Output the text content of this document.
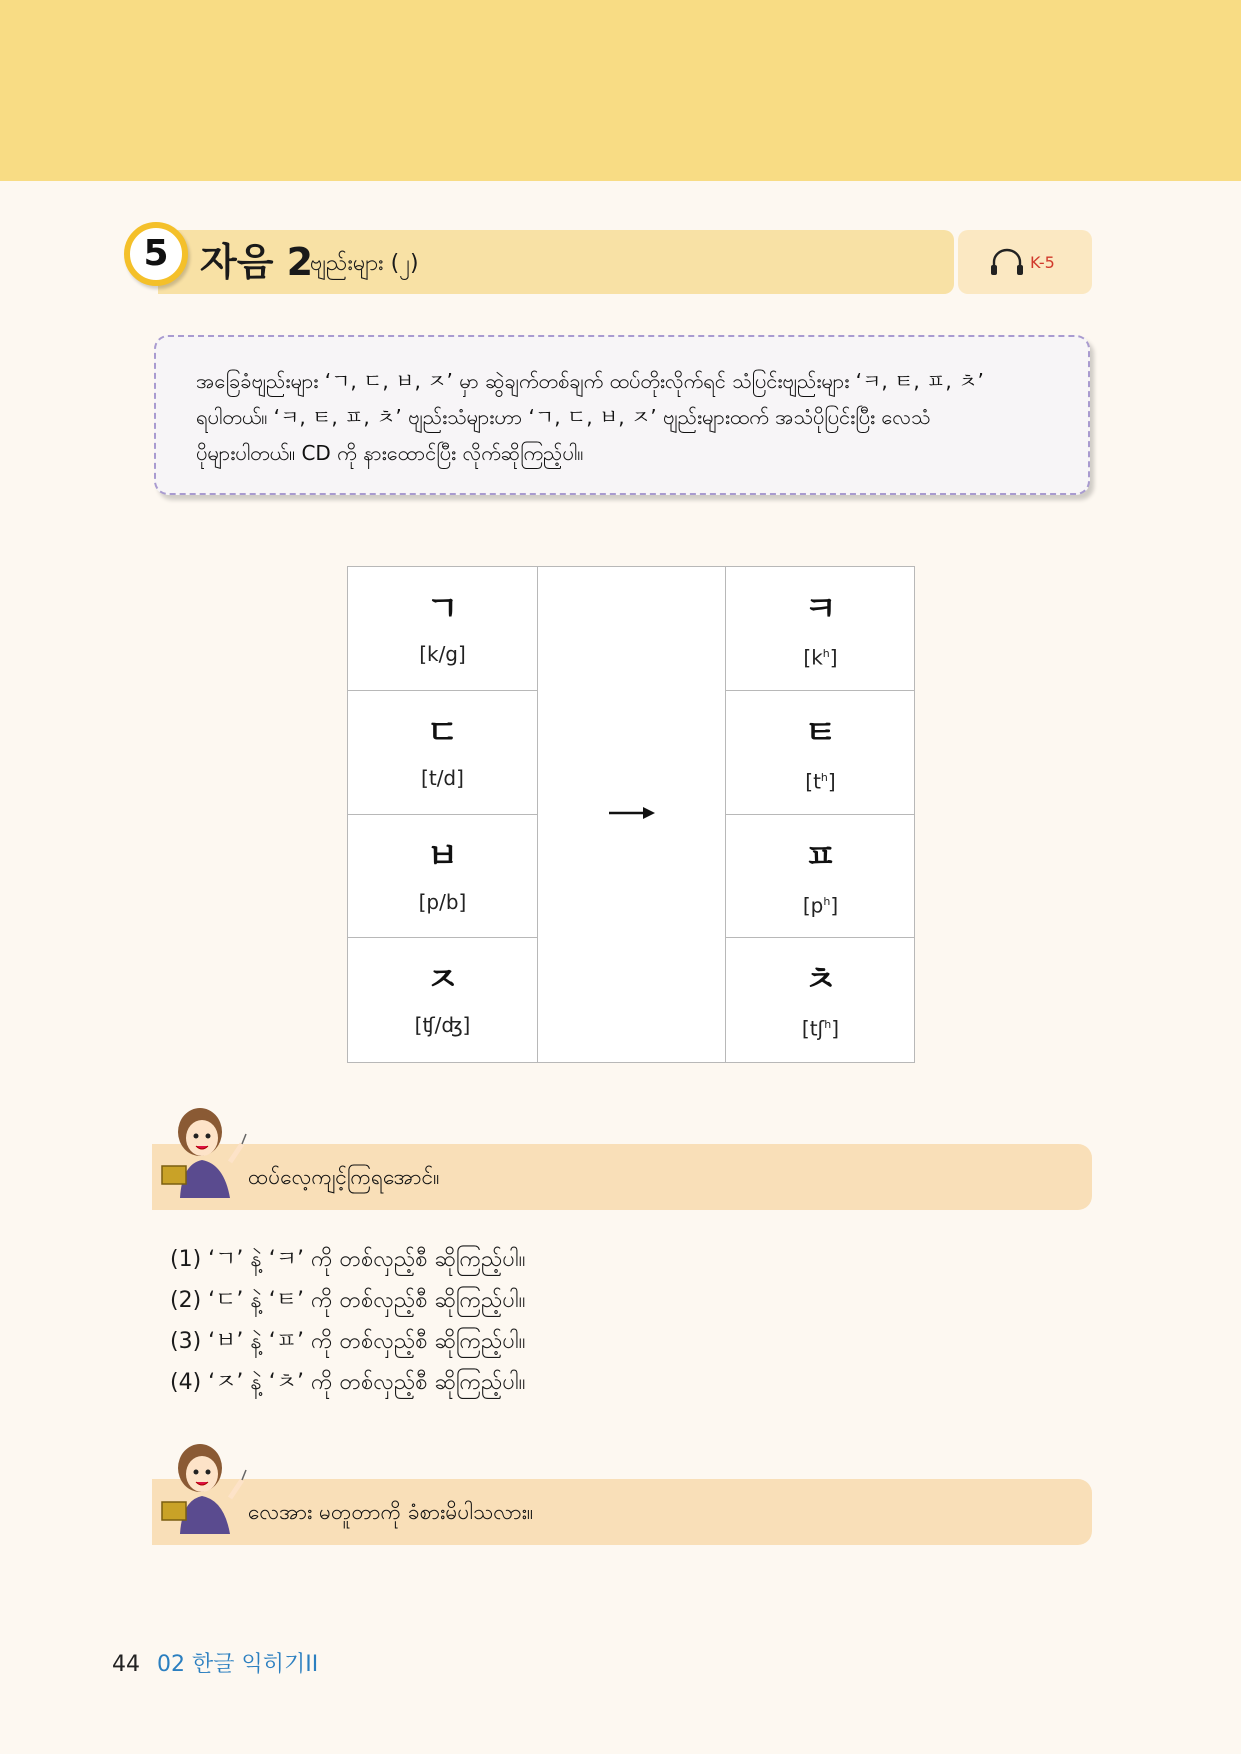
5 자음 2
ဗျည်းများ (၂)	K-5

အခြေခံဗျည်းများ ‘ㄱ, ㄷ, ㅂ, ㅈ’ မှာ ဆွဲချက်တစ်ချက် ထပ်တိုးလိုက်ရင် သံပြင်းဗျည်းများ ‘ㅋ, ㅌ, ㅍ, ㅊ’

ရပါတယ်။ ‘ㅋ, ㅌ, ㅍ, ㅊ’ ဗျည်းသံများဟာ ‘ㄱ, ㄷ, ㅂ, ㅈ’ ဗျည်းများထက် အသံပိုပြင်းပြီး လေသံ

ပိုများပါတယ်။ CD ကို နားထောင်ပြီး လိုက်ဆိုကြည့်ပါ။

ㄱ
[k/g]
ㄷ
[t/d]
ㅂ
[p/b]
ㅈ
[ʧ/ʤ]
ㅋ
$[k^h]$
ㅌ
$[t^h]$
ㅍ
$[p^h]$
ㅊ
[tʃ$^h$]
ထပ်လေ့ကျင့်ကြရအောင်။
(1) ‘ㄱ’ နဲ့ ‘ㅋ’ ကို တစ်လှည့်စီ ဆိုကြည့်ပါ။
(2) ‘ㄷ’ နဲ့ ‘ㅌ’ ကို တစ်လှည့်စီ ဆိုကြည့်ပါ။
(3) ‘ㅂ’ နဲ့ ‘ㅍ’ ကို တစ်လှည့်စီ ဆိုကြည့်ပါ။
(4) ‘ㅈ’ နဲ့ ‘ㅊ’ ကို တစ်လှည့်စီ ဆိုကြည့်ပါ။
လေအား မတူတာကို ခံစားမိပါသလား။
44 02 한글 익히기II
